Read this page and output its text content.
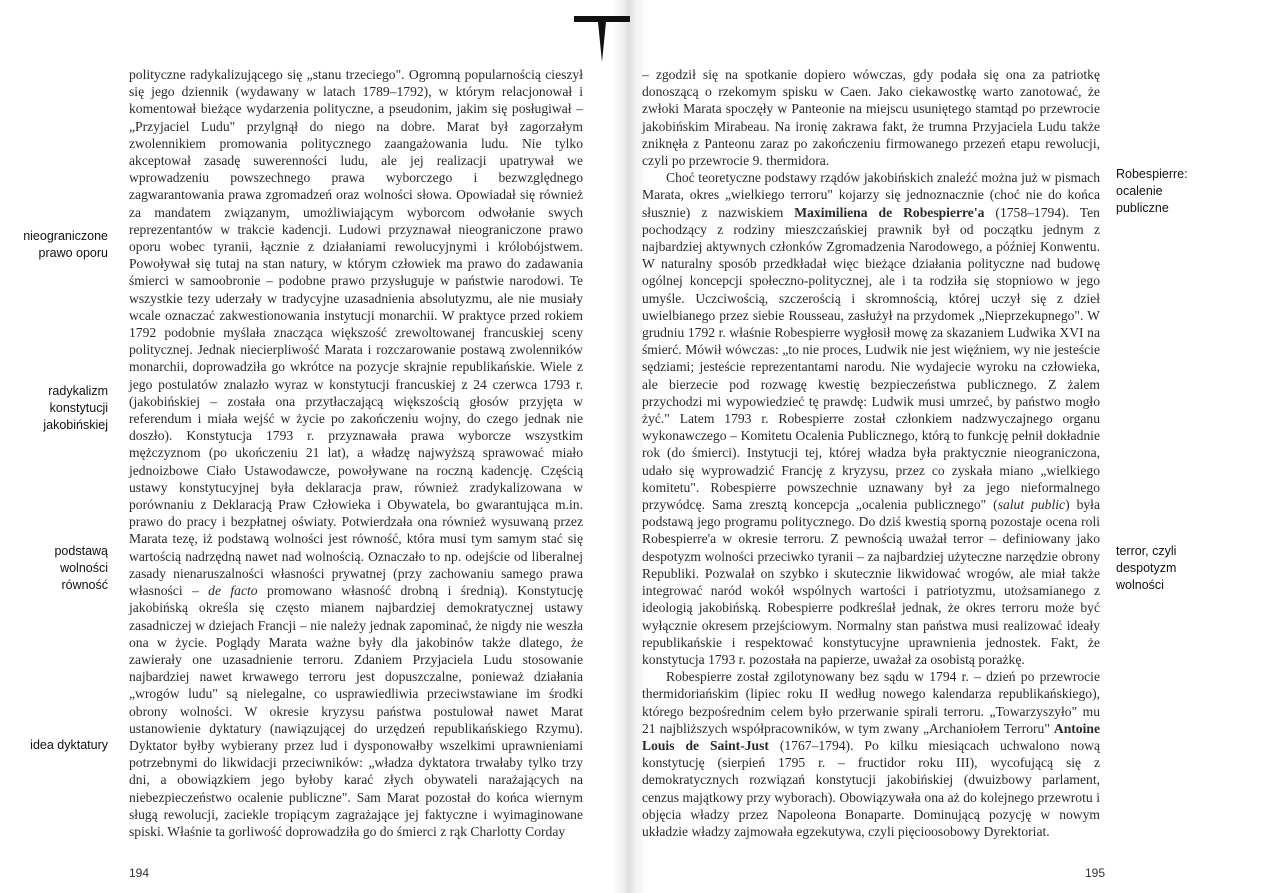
polityczne radykalizującego się „stanu trzeciego". Ogromną popularnością cieszył się jego dziennik (wydawany w latach 1789–1792), w którym relacjonował i komentował bieżące wydarzenia polityczne, a pseudonim, jakim się posługiwał – „Przyjaciel Ludu" przylgnął do niego na dobre. Marat był zagorzałym zwolennikiem promowania politycznego zaangażowania ludu. Nie tylko akceptował zasadę suwerenności ludu, ale jej realizacji upatrywał we wprowadzeniu powszechnego prawa wyborczego i bezwzględnego zagwarantowania prawa zgromadzeń oraz wolności słowa. Opowiadał się również za mandatem związanym, umożliwiającym wyborcom odwołanie swych reprezentantów w trakcie kadencji. Ludowi przyznawał nieograniczone prawo oporu wobec tyranii, łącznie z działaniami rewolucyjnymi i królobójstwem. Powoływał się tutaj na stan natury, w którym człowiek ma prawo do zadawania śmierci w samoobronie – podobne prawo przysługuje w państwie narodowi. Te wszystkie tezy uderzały w tradycyjne uzasadnienia absolutyzmu, ale nie musiały wcale oznaczać zakwestionowania instytucji monarchii. W praktyce przed rokiem 1792 podobnie myślała znacząca większość zrewoltowanej francuskiej sceny politycznej. Jednak niecierpliwość Marata i rozczarowanie postawą zwolenników monarchii, doprowadziła go wkrótce na pozycje skrajnie republikańskie. Wiele z jego postulatów znalazło wyraz w konstytucji francuskiej z 24 czerwca 1793 r. (jakobińskiej – została ona przytłaczającą większością głosów przyjęta w referendum i miała wejść w życie po zakończeniu wojny, do czego jednak nie doszło). Konstytucja 1793 r. przyznawała prawa wyborcze wszystkim mężczyznom (po ukończeniu 21 lat), a władzę najwyższą sprawować miało jednoizbowe Ciało Ustawodawcze, powoływane na roczną kadencję. Częścią ustawy konstytucyjnej była deklaracja praw, również zradykalizowana w porównaniu z Deklaracją Praw Człowieka i Obywatela, bo gwarantująca m.in. prawo do pracy i bezpłatnej oświaty. Potwierdzała ona również wysuwaną przez Marata tezę, iż podstawą wolności jest równość, która musi tym samym stać się wartością nadrzędną nawet nad wolnością. Oznaczało to np. odejście od liberalnej zasady nienaruszalności własności prywatnej (przy zachowaniu samego prawa własności – de facto promowano własność drobną i średnią). Konstytucję jakobińską określa się często mianem najbardziej demokratycznej ustawy zasadniczej w dziejach Francji – nie należy jednak zapominać, że nigdy nie weszła ona w życie. Poglądy Marata ważne były dla jakobinów także dlatego, że zawierały one uzasadnienie terroru. Zdaniem Przyjaciela Ludu stosowanie najbardziej nawet krwawego terroru jest dopuszczalne, ponieważ działania „wrogów ludu" są nielegalne, co usprawiedliwia przeciwstawiane im środki obrony wolności. W okresie kryzysu państwa postulował nawet Marat ustanowienie dyktatury (nawiązującej do urzędzeń republikańskiego Rzymu). Dyktator byłby wybierany przez lud i dysponowałby wszelkimi uprawnieniami potrzebnymi do likwidacji przeciwników: „władza dyktatora trwałaby tylko trzy dni, a obowiązkiem jego byłoby karać złych obywateli narażających na niebezpieczeństwo ocalenie publiczne". Sam Marat pozostał do końca wiernym sługą rewolucji, zaciekle tropiącym zagrażające jej faktyczne i wyimaginowane spiski. Właśnie ta gorliwość doprowadziła go do śmierci z rąk Charlotty Corday

nieograniczone
prawo oporu
radykalizm
konstytucji
jakobińskiej
podstawą
wolności
równość
idea dyktatury
194

– zgodził się na spotkanie dopiero wówczas, gdy podała się ona za patriotkę donoszącą o rzekomym spisku w Caen. Jako ciekawostkę warto zanotować, że zwłoki Marata spoczęły w Panteonie na miejscu usuniętego stamtąd po przewrocie jakobińskim Mirabeau. Na ironię zakrawa fakt, że trumna Przyjaciela Ludu także zniknęła z Panteonu zaraz po zakończeniu firmowanego przezeń etapu rewolucji, czyli po przewrocie 9. thermidora.

Choć teoretyczne podstawy rządów jakobińskich znaleźć można już w pismach Marata, okres „wielkiego terroru" kojarzy się jednoznacznie (choć nie do końca słusznie) z nazwiskiem Maximiliena de Robespierre'a (1758–1794). Ten pochodzący z rodziny mieszczańskiej prawnik był od początku jednym z najbardziej aktywnych członków Zgromadzenia Narodowego, a później Konwentu. W naturalny sposób przedkładał więc bieżące działania polityczne nad budowę ogólnej koncepcji społeczno-politycznej, ale i ta rodziła się stopniowo w jego umyśle. Uczciwością, szczerością i skromnością, której uczył się z dzieł uwielbianego przez siebie Rousseau, zasłużył na przydomek „Nieprzekupnego". W grudniu 1792 r. właśnie Robespierre wygłosił mowę za skazaniem Ludwika XVI na śmierć. Mówił wówczas: „to nie proces, Ludwik nie jest więźniem, wy nie jesteście sędziami; jesteście reprezentantami narodu. Nie wydajecie wyroku na człowieka, ale bierzecie pod rozwagę kwestię bezpieczeństwa publicznego. Z żalem przychodzi mi wypowiedzieć tę prawdę: Ludwik musi umrzeć, by państwo mogło żyć." Latem 1793 r. Robespierre został członkiem nadzwyczajnego organu wykonawczego – Komitetu Ocalenia Publicznego, którą to funkcję pełnił dokładnie rok (do śmierci). Instytucji tej, której władza była praktycznie nieograniczona, udało się wyprowadzić Francję z kryzysu, przez co zyskała miano „wielkiego komitetu". Robespierre powszechnie uznawany był za jego nieformalnego przywódcę. Sama zresztą koncepcja „ocalenia publicznego" (salut public) była podstawą jego programu politycznego. Do dziś kwestią sporną pozostaje ocena roli Robespierre'a w okresie terroru. Z pewnością uważał terror – definiowany jako despotyzm wolności przeciwko tyranii – za najbardziej użyteczne narzędzie obrony Republiki. Pozwalał on szybko i skutecznie likwidować wrogów, ale miał także integrować naród wokół wspólnych wartości i patriotyzmu, utożsamianego z ideologią jakobińską. Robespierre podkreślał jednak, że okres terroru może być wyłącznie okresem przejściowym. Normalny stan państwa musi realizować ideały republikańskie i respektować konstytucyjne uprawnienia jednostek. Fakt, że konstytucja 1793 r. pozostała na papierze, uważał za osobistą porażkę.

Robespierre został zgilotynowany bez sądu w 1794 r. – dzień po przewrocie thermidoriańskim (lipiec roku II według nowego kalendarza republikańskiego), którego bezpośrednim celem było przerwanie spirali terroru. „Towarzyszyło" mu 21 najbliższych współpracowników, w tym zwany „Archaniołem Terroru" Antoine Louis de Saint-Just (1767–1794). Po kilku miesiącach uchwalono nową konstytucję (sierpień 1795 r. – fructidor roku III), wycofującą się z demokratycznych rozwiązań konstytucji jakobińskiej (dwuizbowy parlament, cenzus majątkowy przy wyborach). Obowiązywała ona aż do kolejnego przewrotu i objęcia władzy przez Napoleona Bonaparte. Dominującą pozycję w nowym układzie władzy zajmowała egzekutywa, czyli pięcioosobowy Dyrektoriat.

Robespierre:
ocalenie
publiczne
terror, czyli
despotyzm
wolności
195
